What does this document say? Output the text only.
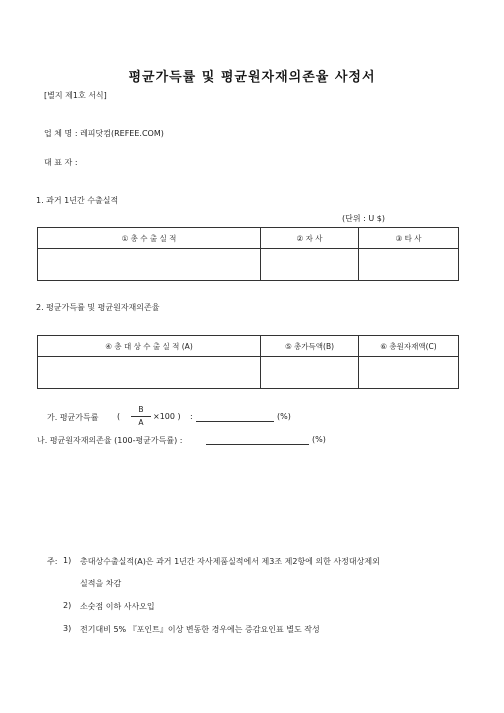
평균가득률 및 평균원자재의존율 사정서
[별지 제1호 서식]
업 체 명 : 레피닷컴(REFEE.COM)
대 표 자 :
1. 과거 1년간 수출실적
(단위 : U $)
① 총 수 출 실 적	② 자 사	③ 타 사

2. 평균가득률 및 평균원자재의존율
④ 총 대 상 수 출 실 적 (A)	⑤ 총가득액(B)	⑥ 총원자재액(C)

가. 평균가득률 (
B
A
×100 ) :	(%)
나. 평균원자재의존율 (100-평균가득률) :	(%)
주: 1) 총대상수출실적(A)은 과거 1년간 자사제품실적에서 제3조 제2항에 의한 사정대상제외
실적을 차감
2) 소숫점 이하 사사오입
3) 전기대비 5% 『포인트』이상 변동한 경우에는 증감요인표 별도 작성
